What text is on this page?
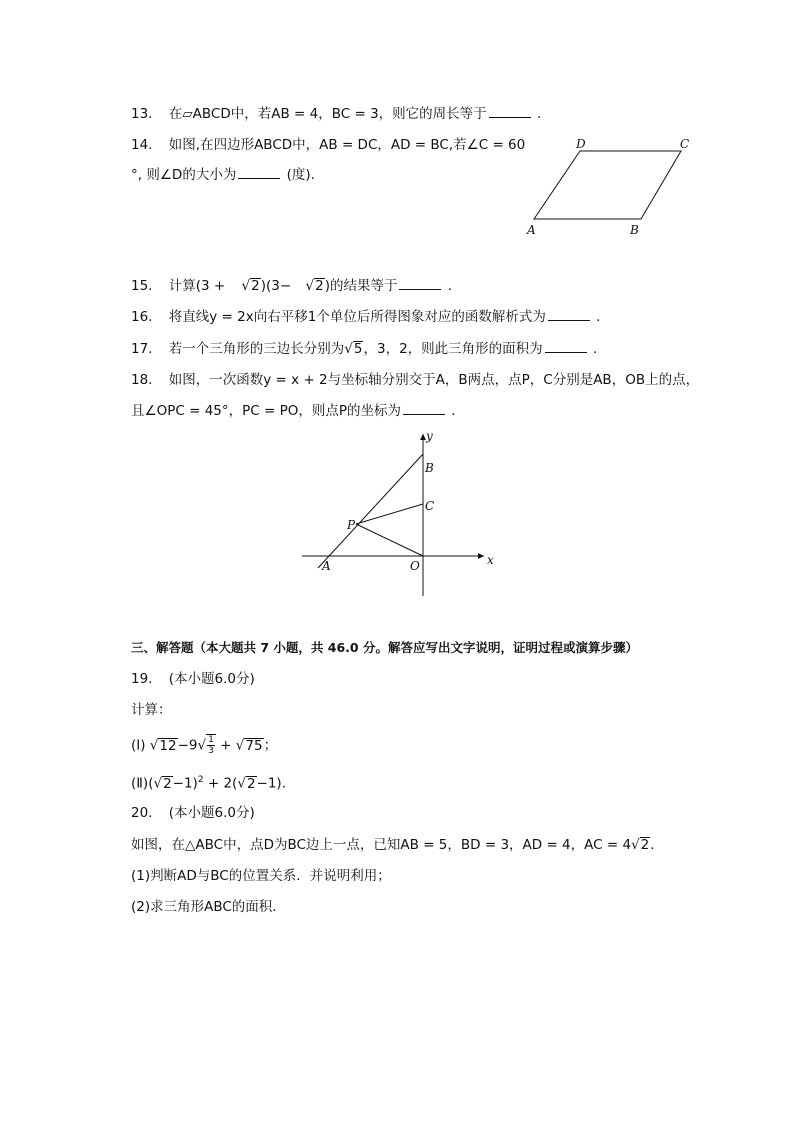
13. 在▱ABCD中，若AB = 4，BC = 3，则它的周长等于	.
14. 如图,在四边形ABCD中，AB = DC，AD = BC,若∠C = 60
°, 则∠D的大小为	(度).
D	C
A	B
15. 计算(3 + √2)(3− √2)的结果等于	.
16. 将直线y = 2x向右平移1个单位后所得图象对应的函数解析式为	.
17. 若一个三角形的三边长分别为√5，3，2，则此三角形的面积为	.
18. 如图，一次函数y = x + 2与坐标轴分别交于A，B两点，点P，C分别是AB，OB上的点，
且∠OPC = 45°，PC = PO，则点P的坐标为	.
y
B
C
P
A	O	x
三、解答题（本大题共 7 小题，共 46.0 分。解答应写出文字说明，证明过程或演算步骤）
19. (本小题6.0分)
计算：
(Ⅰ) $√12-9√ \frac{1}{3} + √75$；
$(Ⅱ)(√2-1)^2 + 2(√2-1)$.
20. (本小题6.0分)
如图，在△ABC中，点D为BC边上一点，已知AB = 5，BD = 3，AD = 4，AC = 4√2.
(1)判断AD与BC的位置关系．并说明利用；
(2)求三角形ABC的面积．
